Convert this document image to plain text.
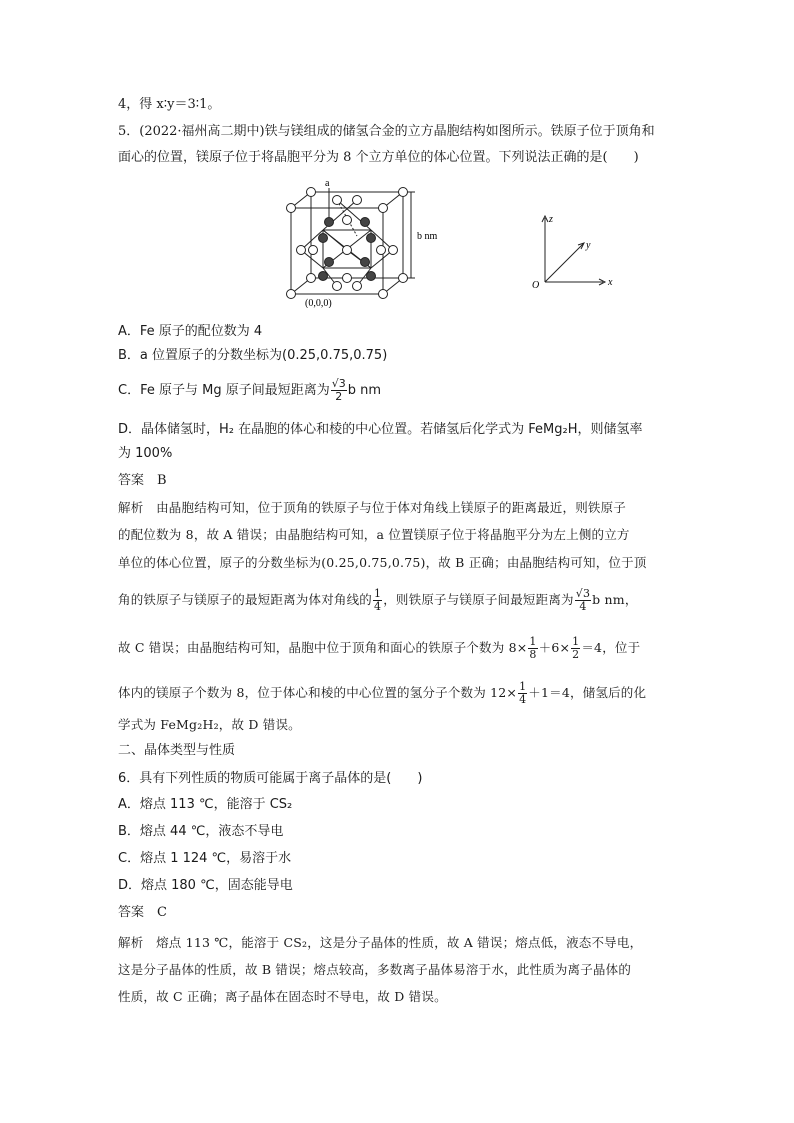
4，得 x∶y＝3∶1。
5．(2022·福州高二期中)铁与镁组成的储氢合金的立方晶胞结构如图所示。铁原子位于顶角和
面心的位置，镁原子位于将晶胞平分为 8 个立方单位的体心位置。下列说法正确的是(　　)
a
b nm
(0,0,0)
z
y
x
O
A．Fe 原子的配位数为 4
B．a 位置原子的分数坐标为(0.25,0.75,0.75)
C．Fe 原子与 Mg 原子间最短距离为 $\frac{√3}{2}$ b nm
D．晶体储氢时，H₂ 在晶胞的体心和棱的中心位置。若储氢后化学式为 FeMg₂H，则储氢率
为 100%
答案　B
解析　由晶胞结构可知，位于顶角的铁原子与位于体对角线上镁原子的距离最近，则铁原子
的配位数为 8，故 A 错误；由晶胞结构可知，a 位置镁原子位于将晶胞平分为左上侧的立方
单位的体心位置，原子的分数坐标为(0.25,0.75,0.75)，故 B 正确；由晶胞结构可知，位于顶
角的铁原子与镁原子的最短距离为体对角线的 $\frac{1}{4}$ ，则铁原子与镁原子间最短距离为 $\frac{√3}{4}$ b nm，
故 C 错误；由晶胞结构可知，晶胞中位于顶角和面心的铁原子个数为 $8\times \frac{1}{8} +6\times \frac{1}{2} =4$，位于
体内的镁原子个数为 8，位于体心和棱的中心位置的氢分子个数为 $12\times \frac{1}{4} +1=4$，储氢后的化
学式为 FeMg₂H₂，故 D 错误。
二、晶体类型与性质
6．具有下列性质的物质可能属于离子晶体的是(　　)
A．熔点 113 ℃，能溶于 CS₂
B．熔点 44 ℃，液态不导电
C．熔点 1 124 ℃，易溶于水
D．熔点 180 ℃，固态能导电
答案　C
解析　熔点 113 ℃，能溶于 CS₂，这是分子晶体的性质，故 A 错误；熔点低，液态不导电，
这是分子晶体的性质，故 B 错误；熔点较高，多数离子晶体易溶于水，此性质为离子晶体的
性质，故 C 正确；离子晶体在固态时不导电，故 D 错误。
